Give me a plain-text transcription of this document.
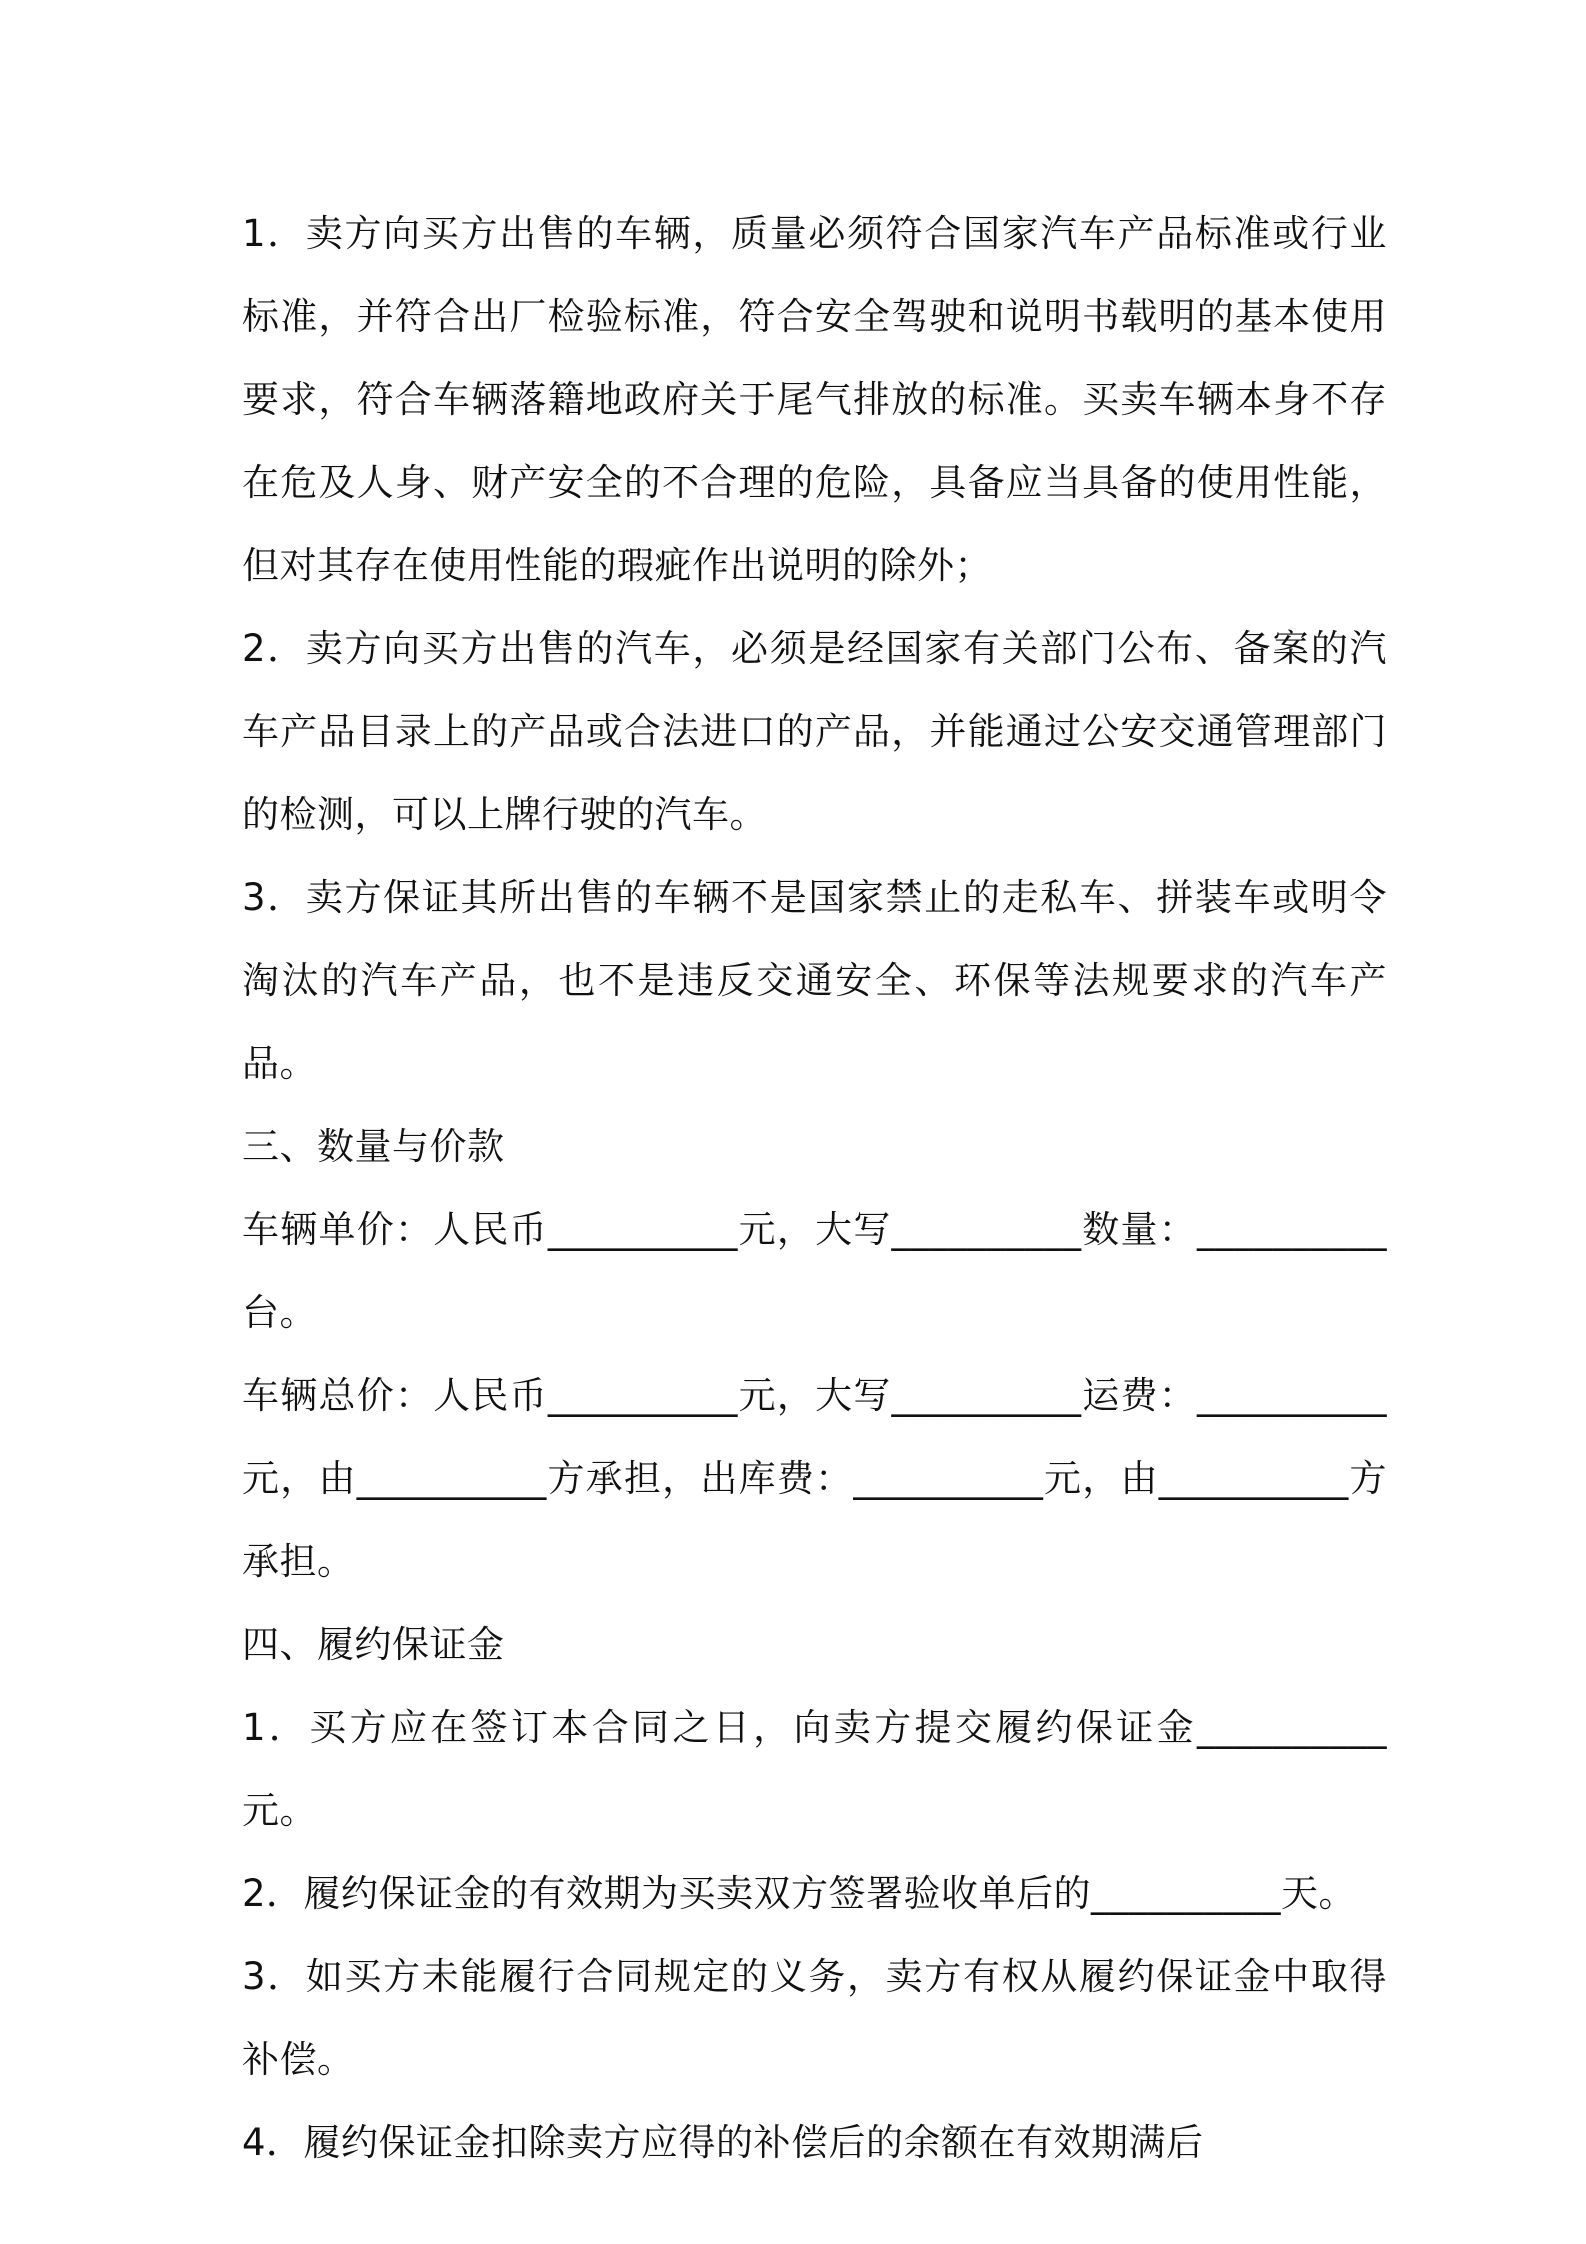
1．卖方向买方出售的车辆，质量必须符合国家汽车产品标准或行业标准，并符合出厂检验标准，符合安全驾驶和说明书载明的基本使用要求，符合车辆落籍地政府关于尾气排放的标准。买卖车辆本身不存在危及人身、财产安全的不合理的危险，具备应当具备的使用性能，但对其存在使用性能的瑕疵作出说明的除外；

2．卖方向买方出售的汽车，必须是经国家有关部门公布、备案的汽车产品目录上的产品或合法进口的产品，并能通过公安交通管理部门的检测，可以上牌行驶的汽车。

3．卖方保证其所出售的车辆不是国家禁止的走私车、拼装车或明令淘汰的汽车产品，也不是违反交通安全、环保等法规要求的汽车产品。

三、数量与价款

车辆单价：人民币__________元，大写__________数量：__________台。

车辆总价：人民币__________元，大写__________运费：__________元，由__________方承担，出库费：__________元，由__________方承担。

四、履约保证金

1．买方应在签订本合同之日，向卖方提交履约保证金__________元。

2．履约保证金的有效期为买卖双方签署验收单后的__________天。

3．如买方未能履行合同规定的义务，卖方有权从履约保证金中取得补偿。

4．履约保证金扣除卖方应得的补偿后的余额在有效期满后
